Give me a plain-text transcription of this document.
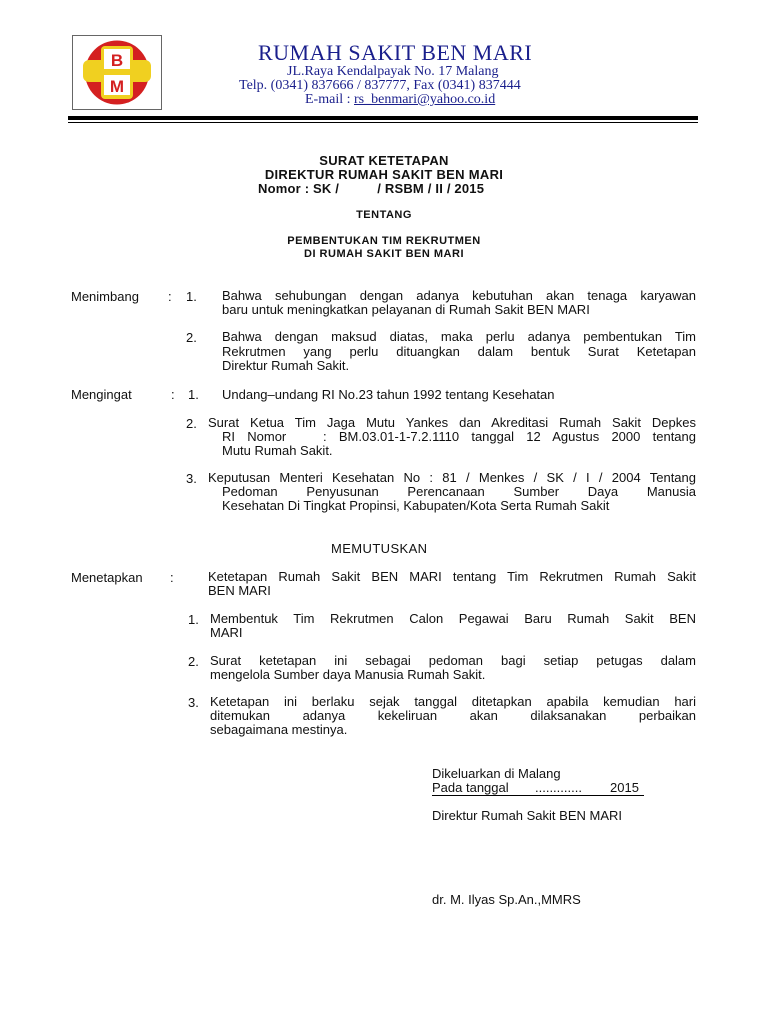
B
M
RUMAH SAKIT BEN MARI
JL.Raya Kendalpayak No. 17 Malang
Telp. (0341) 837666 / 837777, Fax (0341) 837444
E-mail : rs_benmari@yahoo.co.id
SURAT KETETAPAN
DIREKTUR RUMAH SAKIT BEN MARI
Nomor : SK /          / RSBM / II / 2015
TENTANG
PEMBENTUKAN TIM REKRUTMEN
DI RUMAH SAKIT BEN MARI
Menimbang : 1. Bahwa sehubungan dengan adanya kebutuhan akan tenaga karyawan
baru untuk meningkatkan pelayanan di Rumah Sakit BEN MARI
2. Bahwa dengan maksud diatas, maka perlu adanya pembentukan Tim
Rekrutmen yang perlu dituangkan dalam bentuk Surat Ketetapan
Direktur Rumah Sakit.
Mengingat	: 1. Undang–undang RI No.23 tahun 1992 tentang Kesehatan
2. Surat Ketua Tim Jaga Mutu Yankes dan Akreditasi Rumah Sakit Depkes
RI Nomor   : BM.03.01-1-7.2.1110 tanggal 12 Agustus 2000 tentang
Mutu Rumah Sakit.
3. Keputusan Menteri Kesehatan No : 81 / Menkes / SK / I / 2004 Tentang
Pedoman Penyusunan Perencanaan Sumber Daya Manusia
Kesehatan Di Tingkat Propinsi, Kabupaten/Kota Serta Rumah Sakit
MEMUTUSKAN
Menetapkan :	Ketetapan Rumah Sakit BEN MARI tentang Tim Rekrutmen Rumah Sakit
BEN MARI
1. Membentuk Tim Rekrutmen Calon Pegawai Baru Rumah Sakit BEN
MARI
2. Surat ketetapan ini sebagai pedoman bagi setiap petugas dalam
mengelola Sumber daya Manusia Rumah Sakit.
3. Ketetapan ini berlaku sejak tanggal ditetapkan apabila kemudian hari
ditemukan adanya kekeliruan akan dilaksanakan perbaikan
sebagaimana mestinya.
Dikeluarkan di Malang
Pada tanggal ............. 2015
Direktur Rumah Sakit BEN MARI
dr. M. Ilyas Sp.An.,MMRS
